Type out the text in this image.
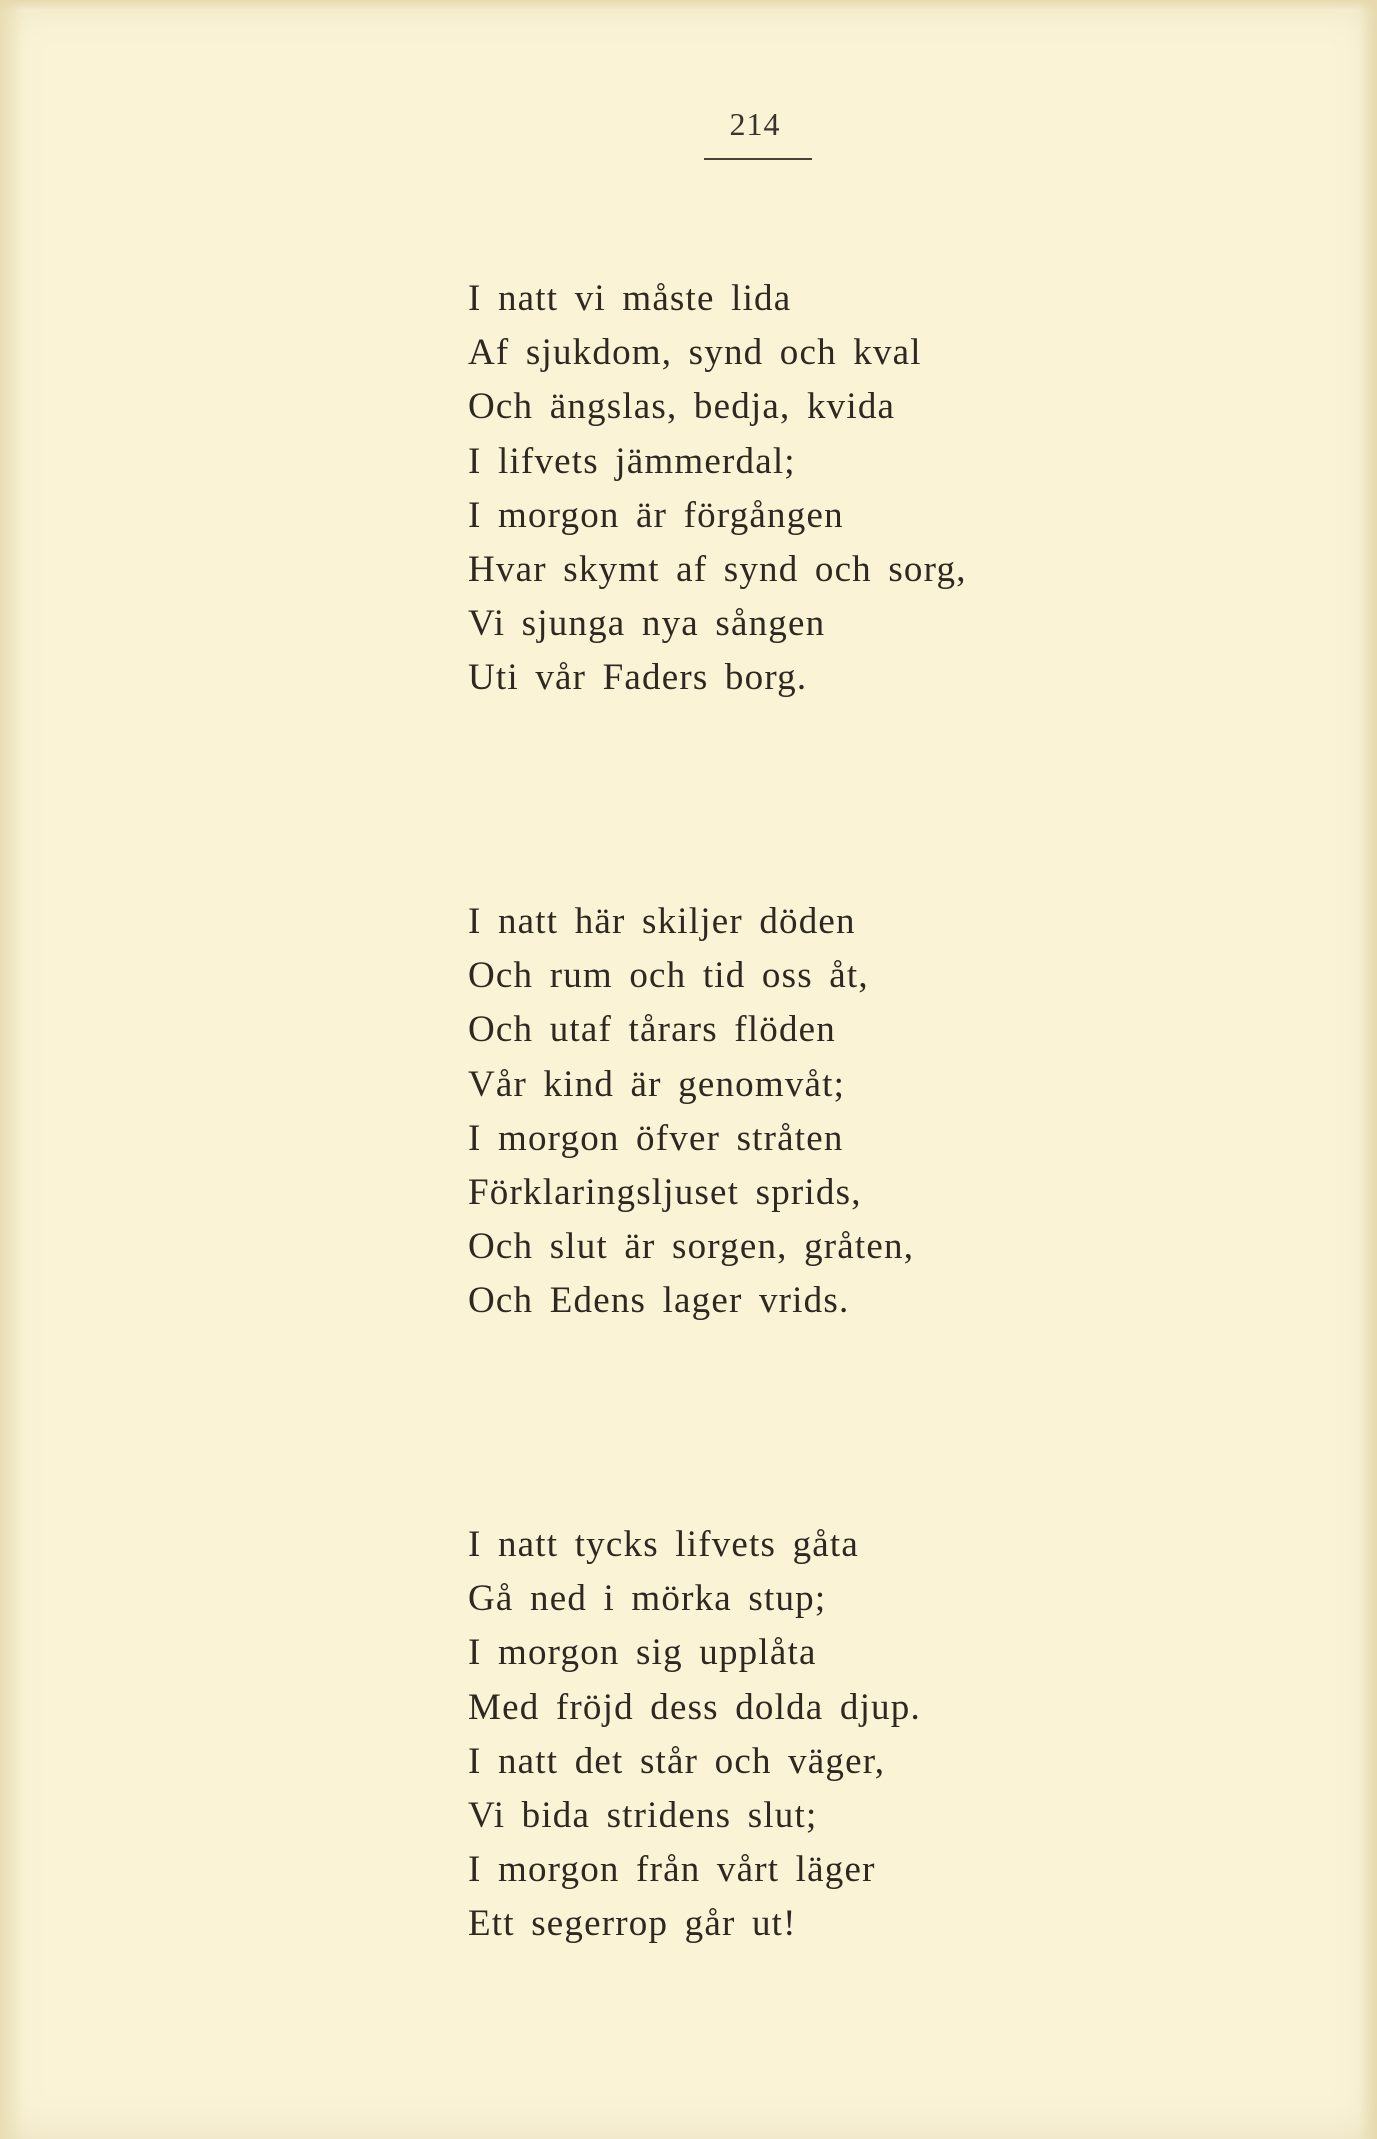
214
I natt vi måste lida
Af sjukdom, synd och kval
Och ängslas, bedja, kvida
I lifvets jämmerdal;
I morgon är förgången
Hvar skymt af synd och sorg,
Vi sjunga nya sången
Uti vår Faders borg.
I natt här skiljer döden
Och rum och tid oss åt,
Och utaf tårars flöden
Vår kind är genomvåt;
I morgon öfver stråten
Förklaringsljuset sprids,
Och slut är sorgen, gråten,
Och Edens lager vrids.
I natt tycks lifvets gåta
Gå ned i mörka stup;
I morgon sig upplåta
Med fröjd dess dolda djup.
I natt det står och väger,
Vi bida stridens slut;
I morgon från vårt läger
Ett segerrop går ut!
